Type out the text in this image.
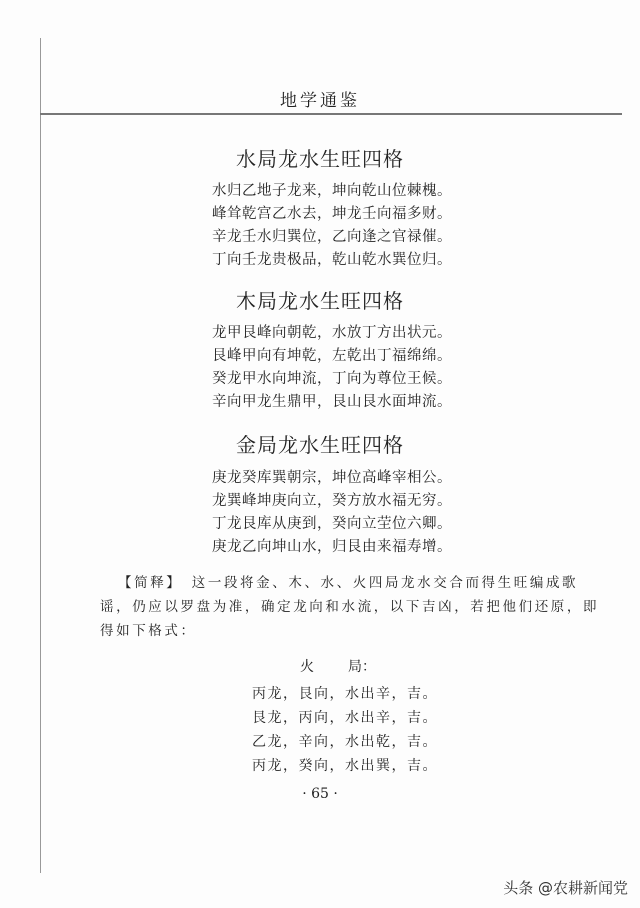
地学通鉴
水局龙水生旺四格
水归乙地子龙来，坤向乾山位棘槐。
峰耸乾宫乙水去，坤龙壬向福多财。
辛龙壬水归巽位，乙向逢之官禄催。
丁向壬龙贵极品，乾山乾水巽位归。
木局龙水生旺四格
龙甲艮峰向朝乾，水放丁方出状元。
艮峰甲向有坤乾，左乾出丁福绵绵。
癸龙甲水向坤流，丁向为尊位王候。
辛向甲龙生鼎甲，艮山艮水面坤流。
金局龙水生旺四格
庚龙癸库巽朝宗，坤位高峰宰相公。
龙巽峰坤庚向立，癸方放水福无穷。
丁龙艮库从庚到，癸向立茔位六卿。
庚龙乙向坤山水，归艮由来福寿增。
【简释】　这一段将金、木、水、火四局龙水交合而得生旺编成歌谣，仍应以罗盘为准，确定龙向和水流，以下吉凶，若把他们还原，即得如下格式：
火 局：
丙龙，艮向，水出辛，吉。
艮龙，丙向，水出辛，吉。
乙龙，辛向，水出乾，吉。
丙龙，癸向，水出巽，吉。
· 65 ·
头条 @农耕新闻党
